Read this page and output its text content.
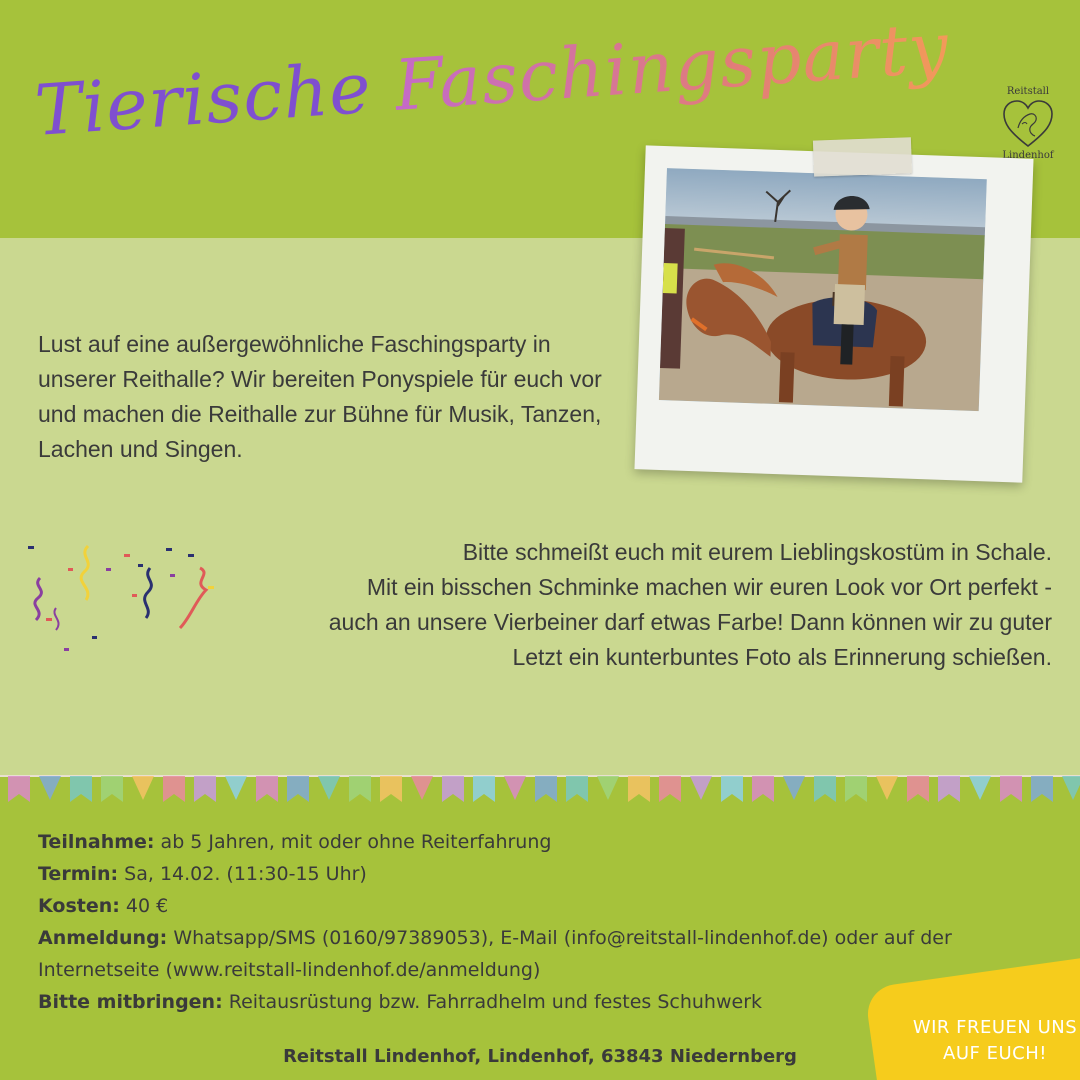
Tierische Faschingsparty	Reitstall
Lindenhof
Lust auf eine außergewöhnliche Faschingsparty in unserer Reithalle? Wir bereiten Ponyspiele für euch vor und machen die Reithalle zur Bühne für Musik, Tanzen, Lachen und Singen.
Bitte schmeißt euch mit eurem Lieblingskostüm in Schale.
Mit ein bisschen Schminke machen wir euren Look vor Ort perfekt -
auch an unsere Vierbeiner darf etwas Farbe! Dann können wir zu guter
Letzt ein kunterbuntes Foto als Erinnerung schießen.
Teilnahme: ab 5 Jahren, mit oder ohne Reiterfahrung
Termin: Sa, 14.02. (11:30-15 Uhr)
Kosten: 40 €
Anmeldung: Whatsapp/SMS (0160/97389053), E-Mail (info@reitstall-lindenhof.de) oder auf der
Internetseite (www.reitstall-lindenhof.de/anmeldung)
Bitte mitbringen: Reitausrüstung bzw. Fahrradhelm und festes Schuhwerk
Reitstall Lindenhof, Lindenhof, 63843 Niedernberg
WIR FREUEN UNS
AUF EUCH!
